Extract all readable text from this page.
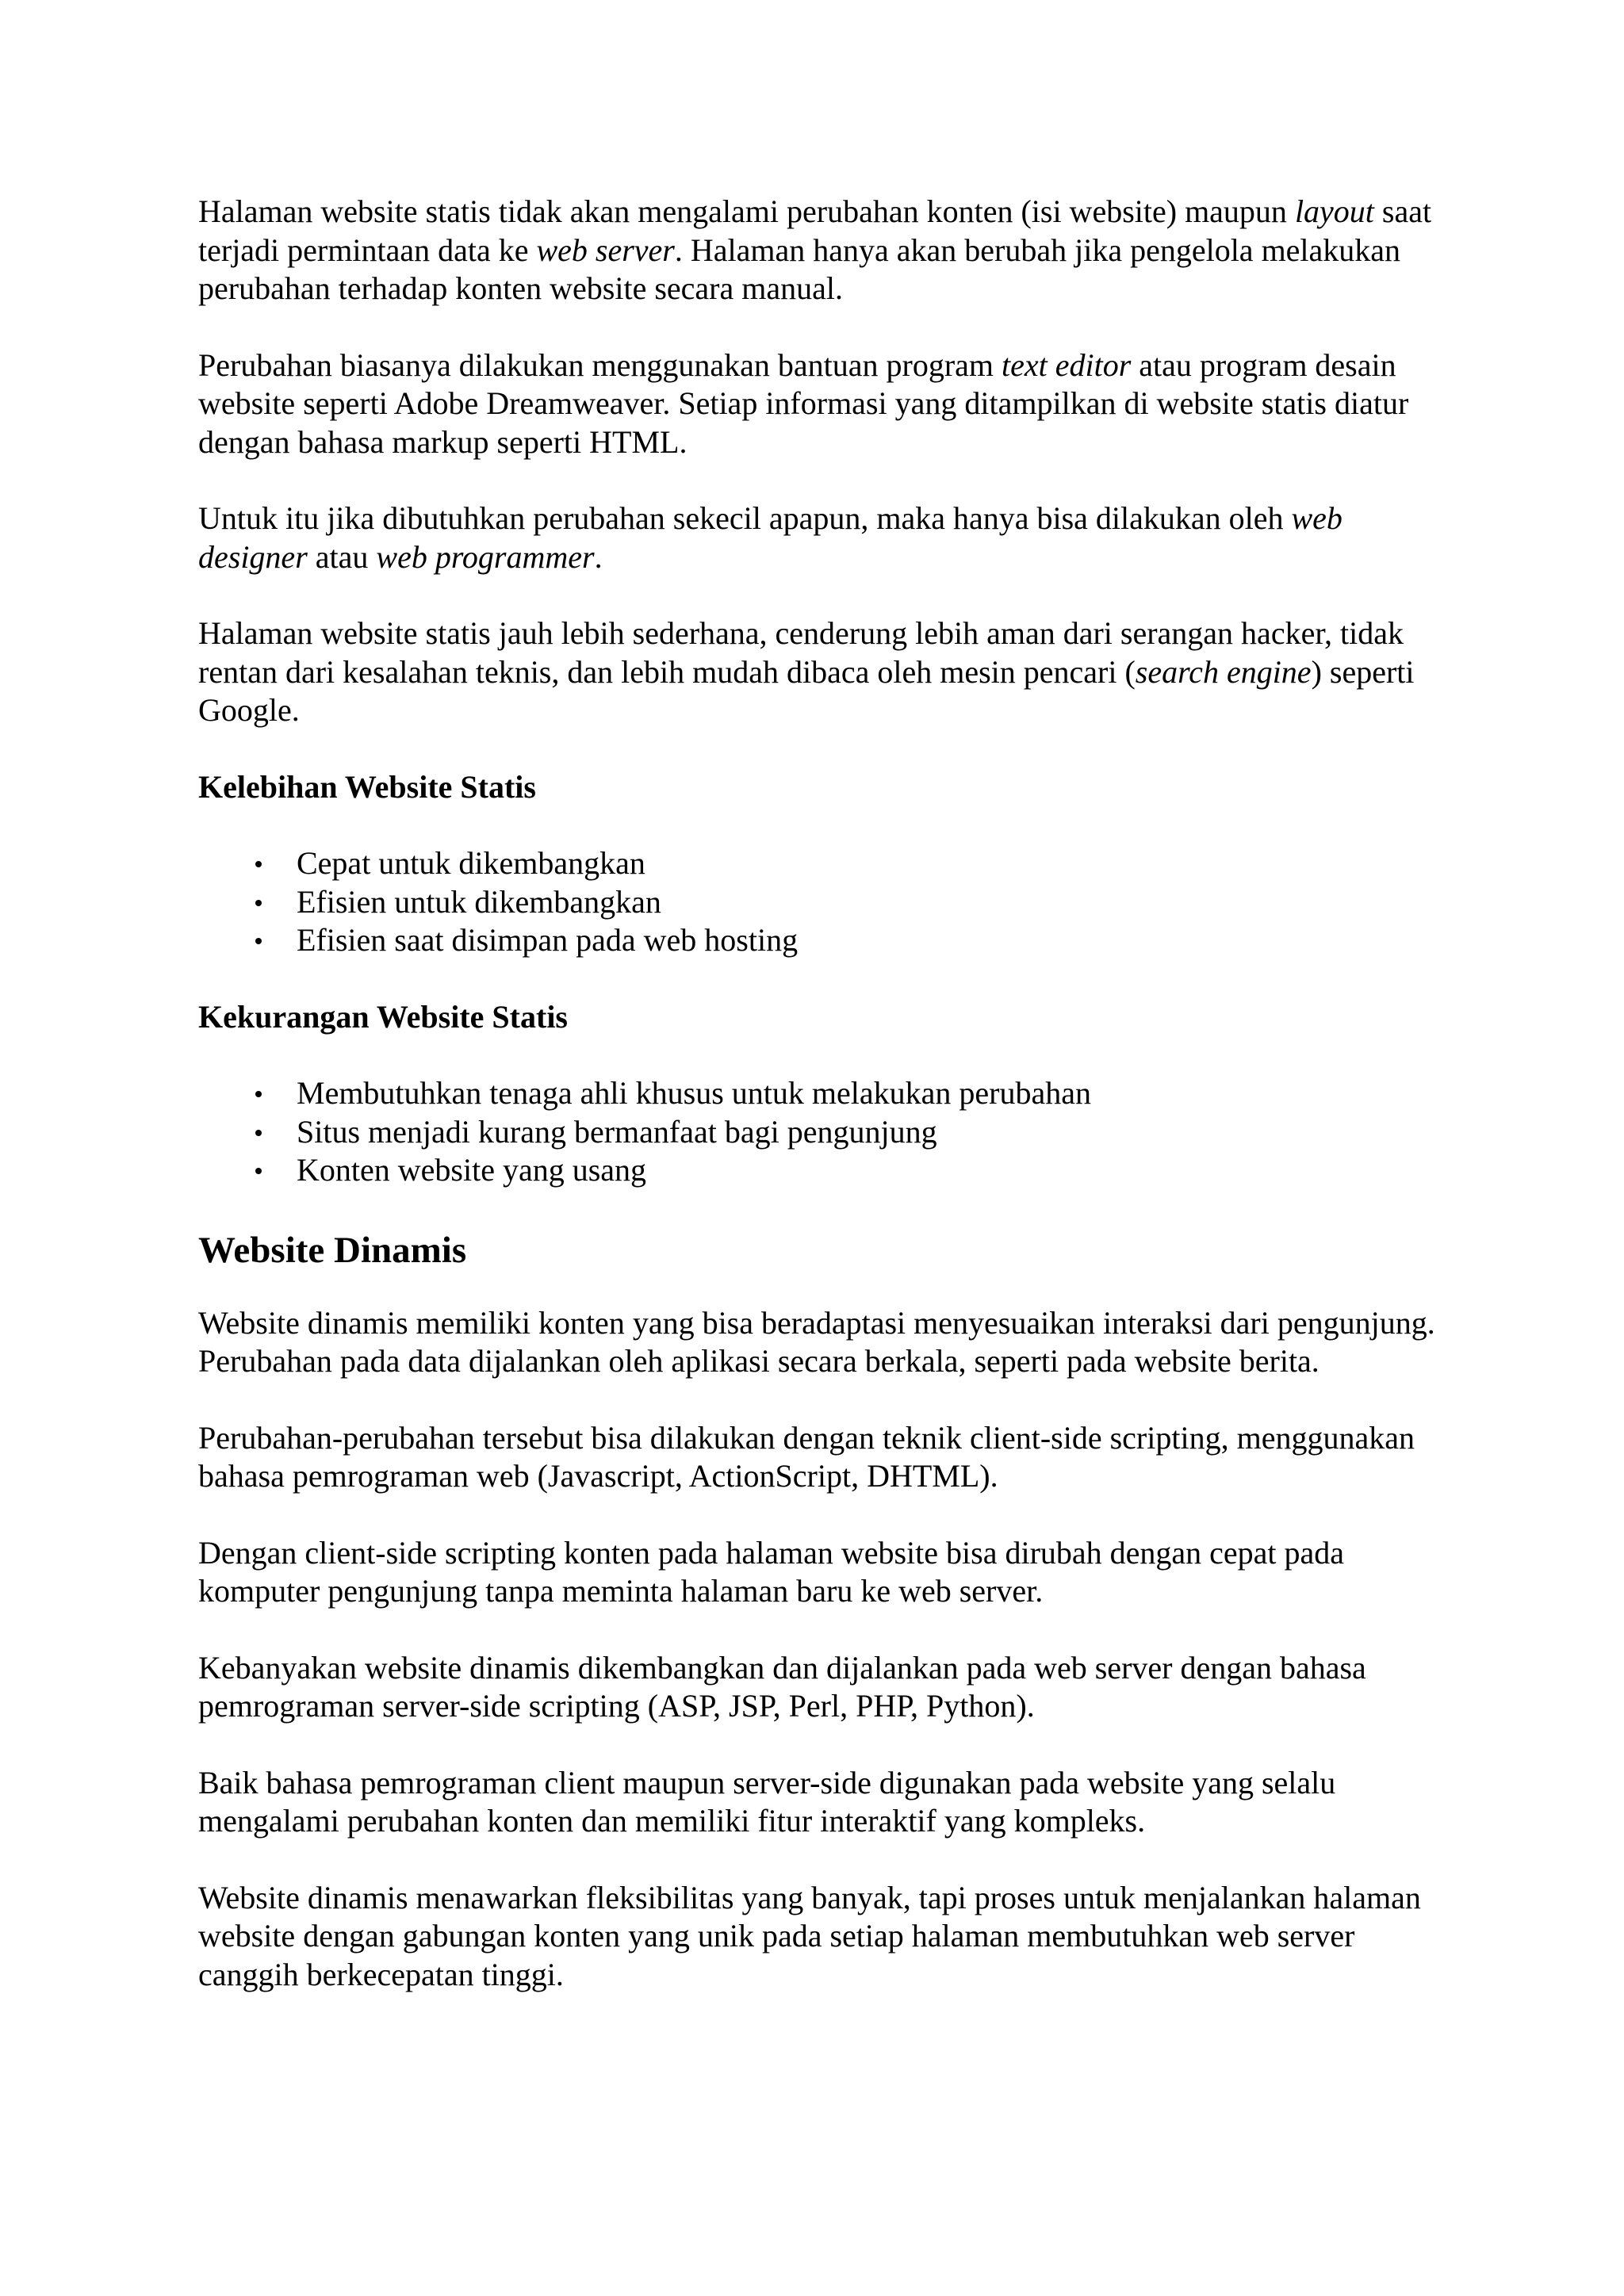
Halaman website statis tidak akan mengalami perubahan konten (isi website) maupun layout saat terjadi permintaan data ke web server. Halaman hanya akan berubah jika pengelola melakukan perubahan terhadap konten website secara manual.

Perubahan biasanya dilakukan menggunakan bantuan program text editor atau program desain website seperti Adobe Dreamweaver. Setiap informasi yang ditampilkan di website statis diatur dengan bahasa markup seperti HTML.

Untuk itu jika dibutuhkan perubahan sekecil apapun, maka hanya bisa dilakukan oleh web designer atau web programmer.

Halaman website statis jauh lebih sederhana, cenderung lebih aman dari serangan hacker, tidak rentan dari kesalahan teknis, dan lebih mudah dibaca oleh mesin pencari (search engine) seperti Google.

Kelebihan Website Statis
Cepat untuk dikembangkan
Efisien untuk dikembangkan
Efisien saat disimpan pada web hosting
Kekurangan Website Statis
Membutuhkan tenaga ahli khusus untuk melakukan perubahan
Situs menjadi kurang bermanfaat bagi pengunjung
Konten website yang usang
Website Dinamis

Website dinamis memiliki konten yang bisa beradaptasi menyesuaikan interaksi dari pengunjung. Perubahan pada data dijalankan oleh aplikasi secara berkala, seperti pada website berita.

Perubahan-perubahan tersebut bisa dilakukan dengan teknik client-side scripting, menggunakan bahasa pemrograman web (Javascript, ActionScript, DHTML).

Dengan client-side scripting konten pada halaman website bisa dirubah dengan cepat pada komputer pengunjung tanpa meminta halaman baru ke web server.

Kebanyakan website dinamis dikembangkan dan dijalankan pada web server dengan bahasa pemrograman server-side scripting (ASP, JSP, Perl, PHP, Python).

Baik bahasa pemrograman client maupun server-side digunakan pada website yang selalu mengalami perubahan konten dan memiliki fitur interaktif yang kompleks.

Website dinamis menawarkan fleksibilitas yang banyak, tapi proses untuk menjalankan halaman website dengan gabungan konten yang unik pada setiap halaman membutuhkan web server canggih berkecepatan tinggi.
